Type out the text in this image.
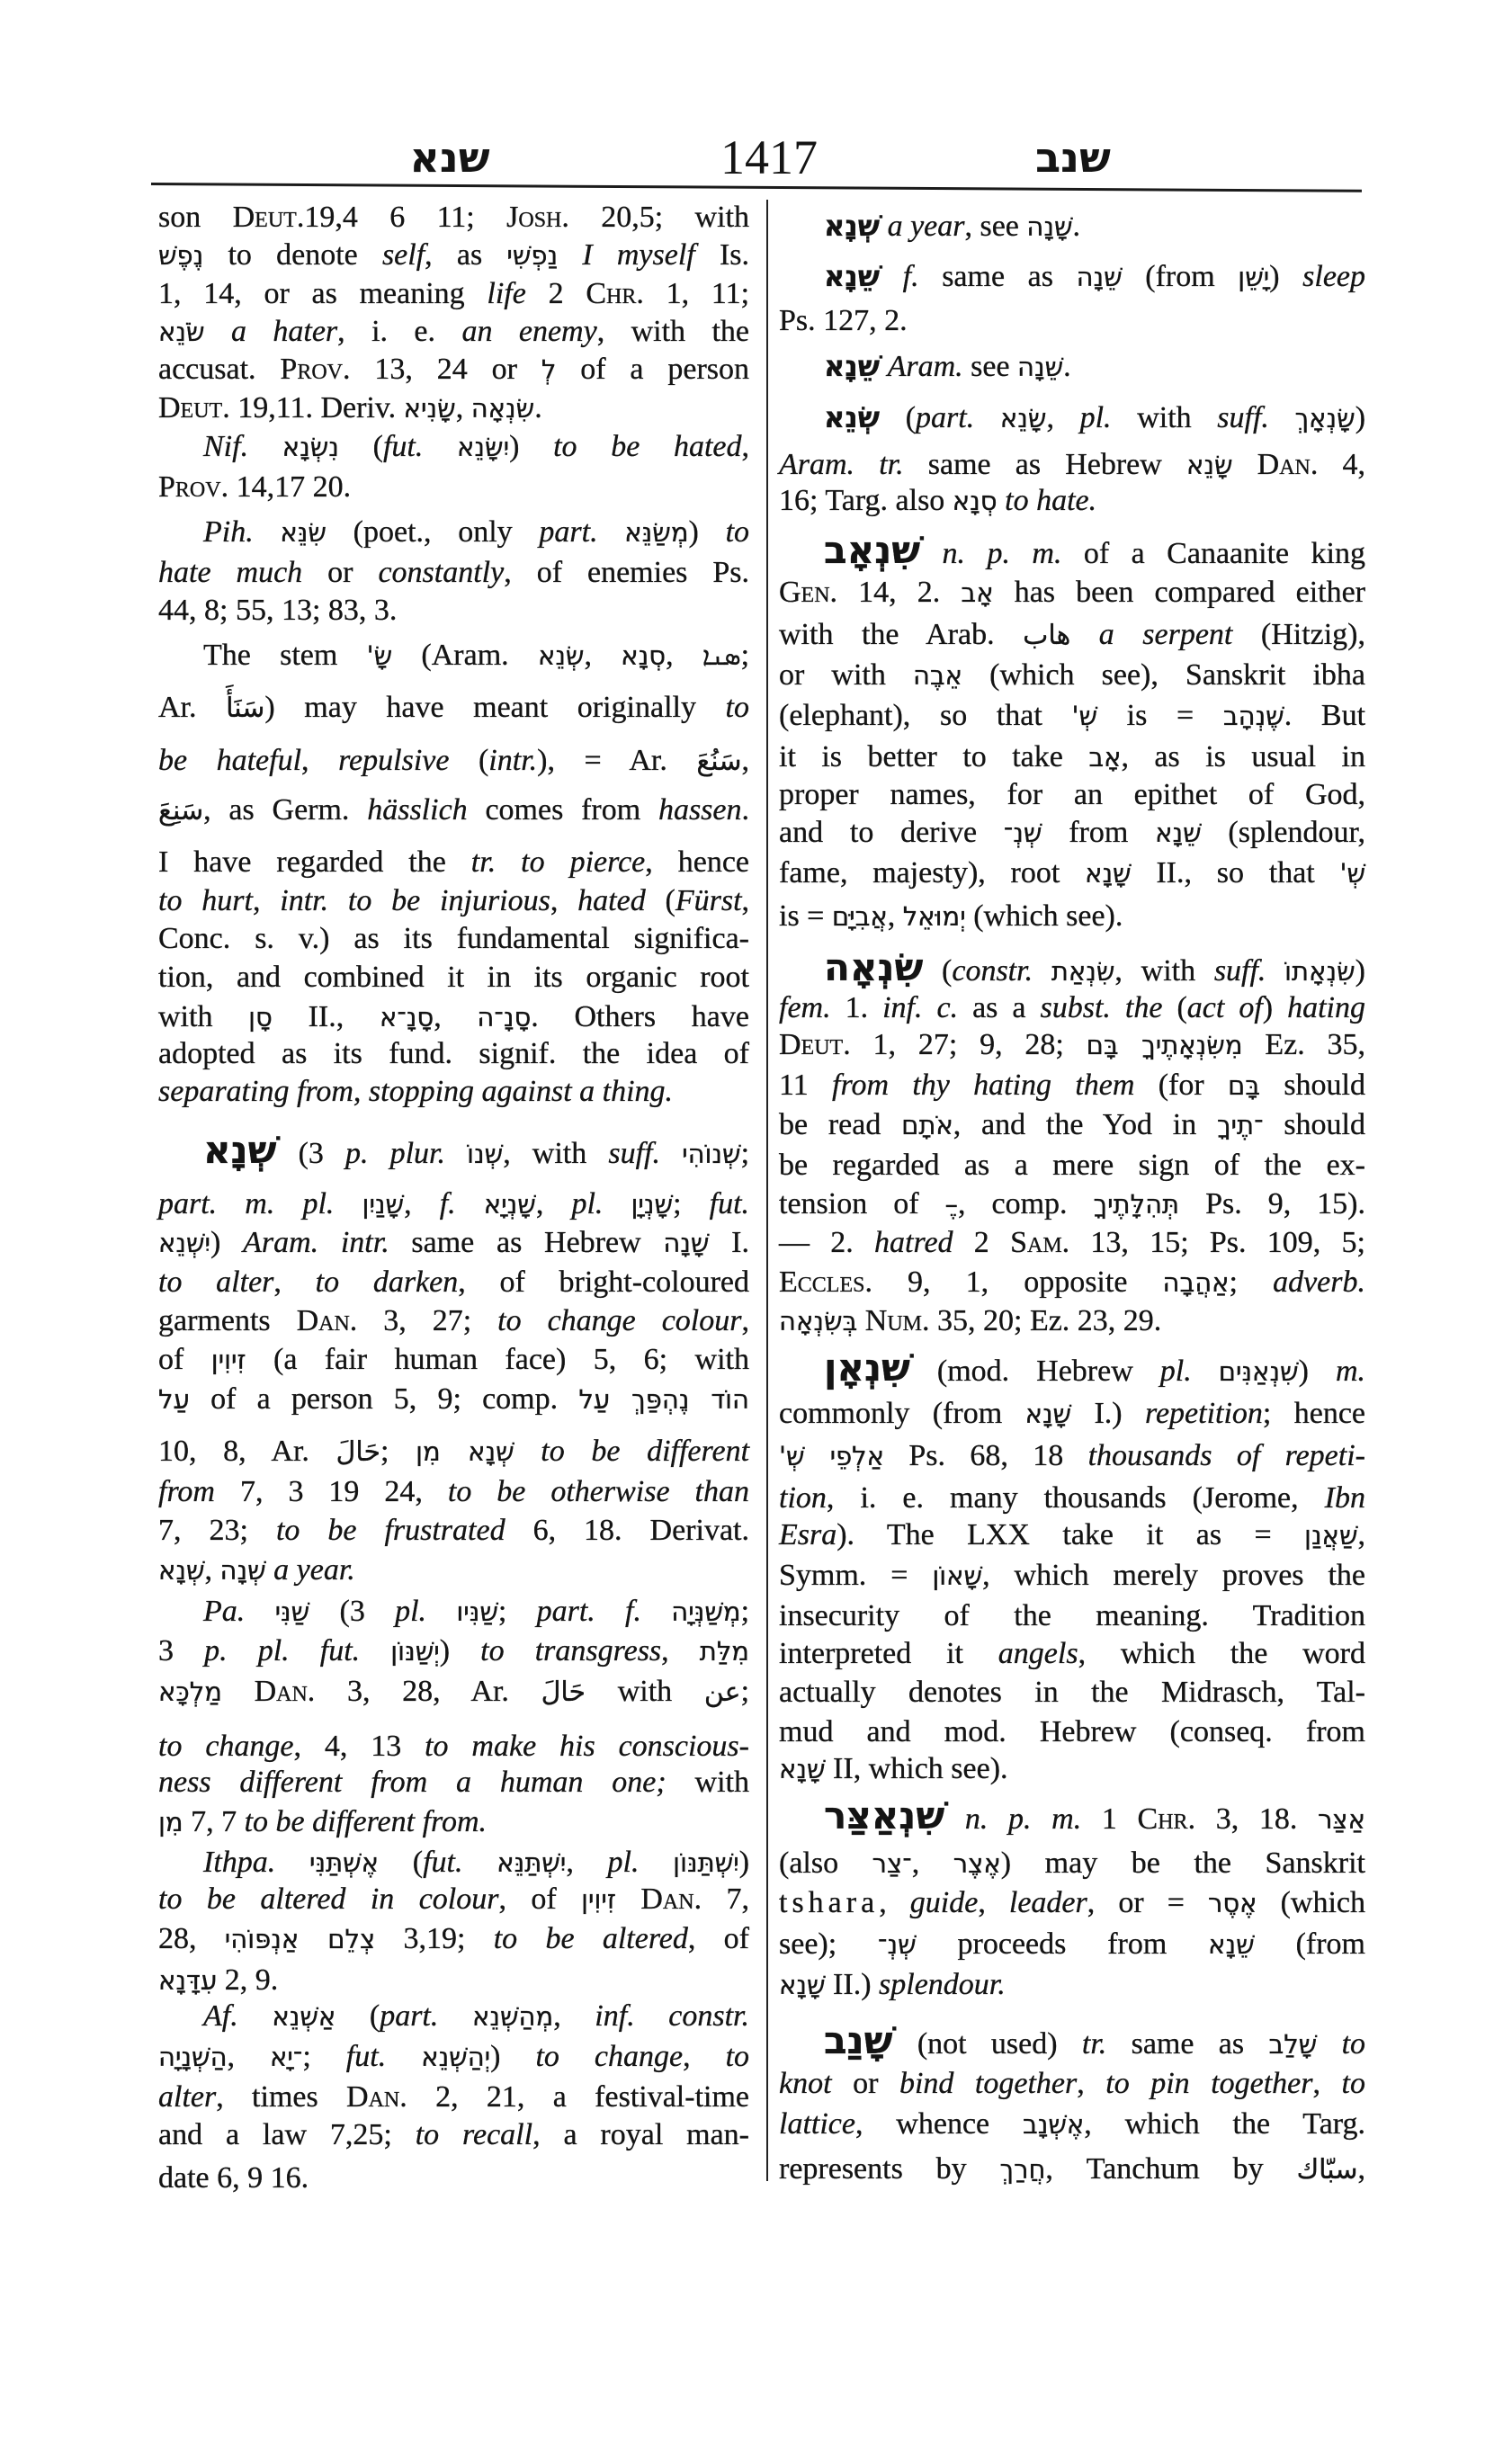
שנא	1417	שנב
son Deut.19,4 6 11; Josh. 20,5; with
נֶפֶשׁ to denote self, as נַפְשִׁי I myself Is.
1, 14, or as meaning life 2 Chr. 1, 11;
שֹׂנֵא a hater, i. e. an enemy, with the
accusat. Prov. 13, 24 or לְ of a person
Deut. 19,11. Deriv. שָׂנִיא, שִׂנְאָה.
Nif. נִשְׂנָא (fut. יִשָּׂנֵא) to be hated,
Prov. 14,17 20.
Pih. שִׂנֵּא (poet., only part. מְשַׂנֵּא) to
hate much or constantly, of enemies Ps.
44, 8; 55, 13; 83, 3.
The stem שָׂ' (Aram. שְׂנֵא, סְנָא, ܣܢܐ;
Ar. سَنَأَ) may have meant originally to
be hateful, repulsive (intr.), = Ar. سَنُعَ,
سَنِعَ, as Germ. hässlich comes from hassen.
I have regarded the tr. to pierce, hence
to hurt, intr. to be injurious, hated (Fürst,
Conc. s. v.) as its fundamental significa-
tion, and combined it in its organic root
with סָן II., סָנָ־א, סָנָ־ה. Others have
adopted as its fund. signif. the idea of
separating from, stopping against a thing.
שְׁנָא (3 p. plur. שְׁנוֹ, with suff. שְׁנוֹהִי;
part. m. pl. שָׁנַיִן, f. שָׁנְיָא, pl. שָׁנְיָן; fut.
יִשְׁנֵא) Aram. intr. same as Hebrew שָׁנָה I.
to alter, to darken, of bright-coloured
garments Dan. 3, 27; to change colour,
of זִיוִין (a fair human face) 5, 6; with
עַל of a person 5, 9; comp. הוֹד נֶהְפַּךְ עַל
10, 8, Ar. حَالَ; שְׁנָא מִן to be different
from 7, 3 19 24, to be otherwise than
7, 23; to be frustrated 6, 18. Derivat.
שְׁנָא, שְׁנָה a year.
Pa. שַׁנִּי (3 pl. שַׁנִּיו; part. f. מְשַׁנְּיָה;
3 p. pl. fut. יְשַׁנּוֹן) to transgress, מִלַּת
מַלְכָּא Dan. 3, 28, Ar. حَالَ with عن;
to change, 4, 13 to make his conscious-
ness different from a human one; with
מִן 7, 7 to be different from.
Ithpa. אֶשְׁתַּנִּי (fut. יִשְׁתַּנֵּא, pl. יִשְׁתַּנּוֹן)
to be altered in colour, of זִיוִין Dan. 7,
28, צְלֵם אַנְפּוֹהִי 3,19; to be altered, of
עִדָּנָא 2, 9.
Af. אַשְׁנֵא (part. מְהַשְׁנֵא, inf. constr.
הַשְׁנָיָה, ־יָא; fut. יְהַשְׁנֵא) to change, to
alter, times Dan. 2, 21, a festival-time
and a law 7,25; to recall, a royal man-
date 6, 9 16.
שְׁנָא a year, see שָׁנָה.
שֵׁנָא f. same as שֵׁנָה (from יָשֵׁן) sleep
Ps. 127, 2.
שֵׁנָא Aram. see שֵׁנָה.
שְׂנֵא (part. שָׂנֵא, pl. with suff. שָׂנְאָךְ)
Aram. tr. same as Hebrew שָׂנֵא Dan. 4,
16; Targ. also סְנָא to hate.
שִׁנְאָב n. p. m. of a Canaanite king
Gen. 14, 2. אָב has been compared either
with the Arab. هاب a serpent (Hitzig),
or with אֵבֶה (which see), Sanskrit ibha
(elephant), so that שְׁ' is = שֶׁנְהָב. But
it is better to take אָב, as is usual in
proper names, for an epithet of God,
and to derive שְׁנְ־ from שֵׁנָא (splendour,
fame, majesty), root שָׁנָא II., so that שְׁ'
is = אֲבִיָּם, יְמוּאֵל (which see).
שִׂנְאָה (constr. שִׂנְאַת, with suff. שִׂנְאָתוֹ)
fem. 1. inf. c. as a subst. the (act of) hating
Deut. 1, 27; 9, 28; מִשִּׂנְאָתֶיךָ בָּם Ez. 35,
11 from thy hating them (for בָּם should
be read אֹתָם, and the Yod in ־תֶיךָ should
be regarded as a mere sign of the ex-
tension of –ֶ, comp. תְּהִלָּתֶיךָ Ps. 9, 15).
— 2. hatred 2 Sam. 13, 15; Ps. 109, 5;
Eccles. 9, 1, opposite אַהֲבָה; adverb.
בְּשִׂנְאָה Num. 35, 20; Ez. 23, 29.
שִׁנְאָן (mod. Hebrew pl. שִׁנְאַנִּים) m.
commonly (from שָׁנָא I.) repetition; hence
אַלְפֵי שְׁ' Ps. 68, 18 thousands of repeti-
tion, i. e. many thousands (Jerome, Ibn
Esra). The LXX take it as = שַׁאֲנַן,
Symm. = שָׁאוֹן, which merely proves the
insecurity of the meaning. Tradition
interpreted it angels, which the word
actually denotes in the Midrasch, Tal-
mud and mod. Hebrew (conseq. from
שָׁנָא II, which see).
שִׁנְאַצַּר n. p. m. 1 Chr. 3, 18. אַצַּר
(also ־צַר, אֶצֶר) may be the Sanskrit
tshara, guide, leader, or = אֶסֶר (which
see); שְׁנְ־ proceeds from שֵׁנָא (from
שָׁנָא II.) splendour.
שָׁנַב (not used) tr. same as שָׁלַב to
knot or bind together, to pin together, to
lattice, whence אֶשְׁנָב, which the Targ.
represents by חֲרַךְ, Tanchum by سبّاك,
